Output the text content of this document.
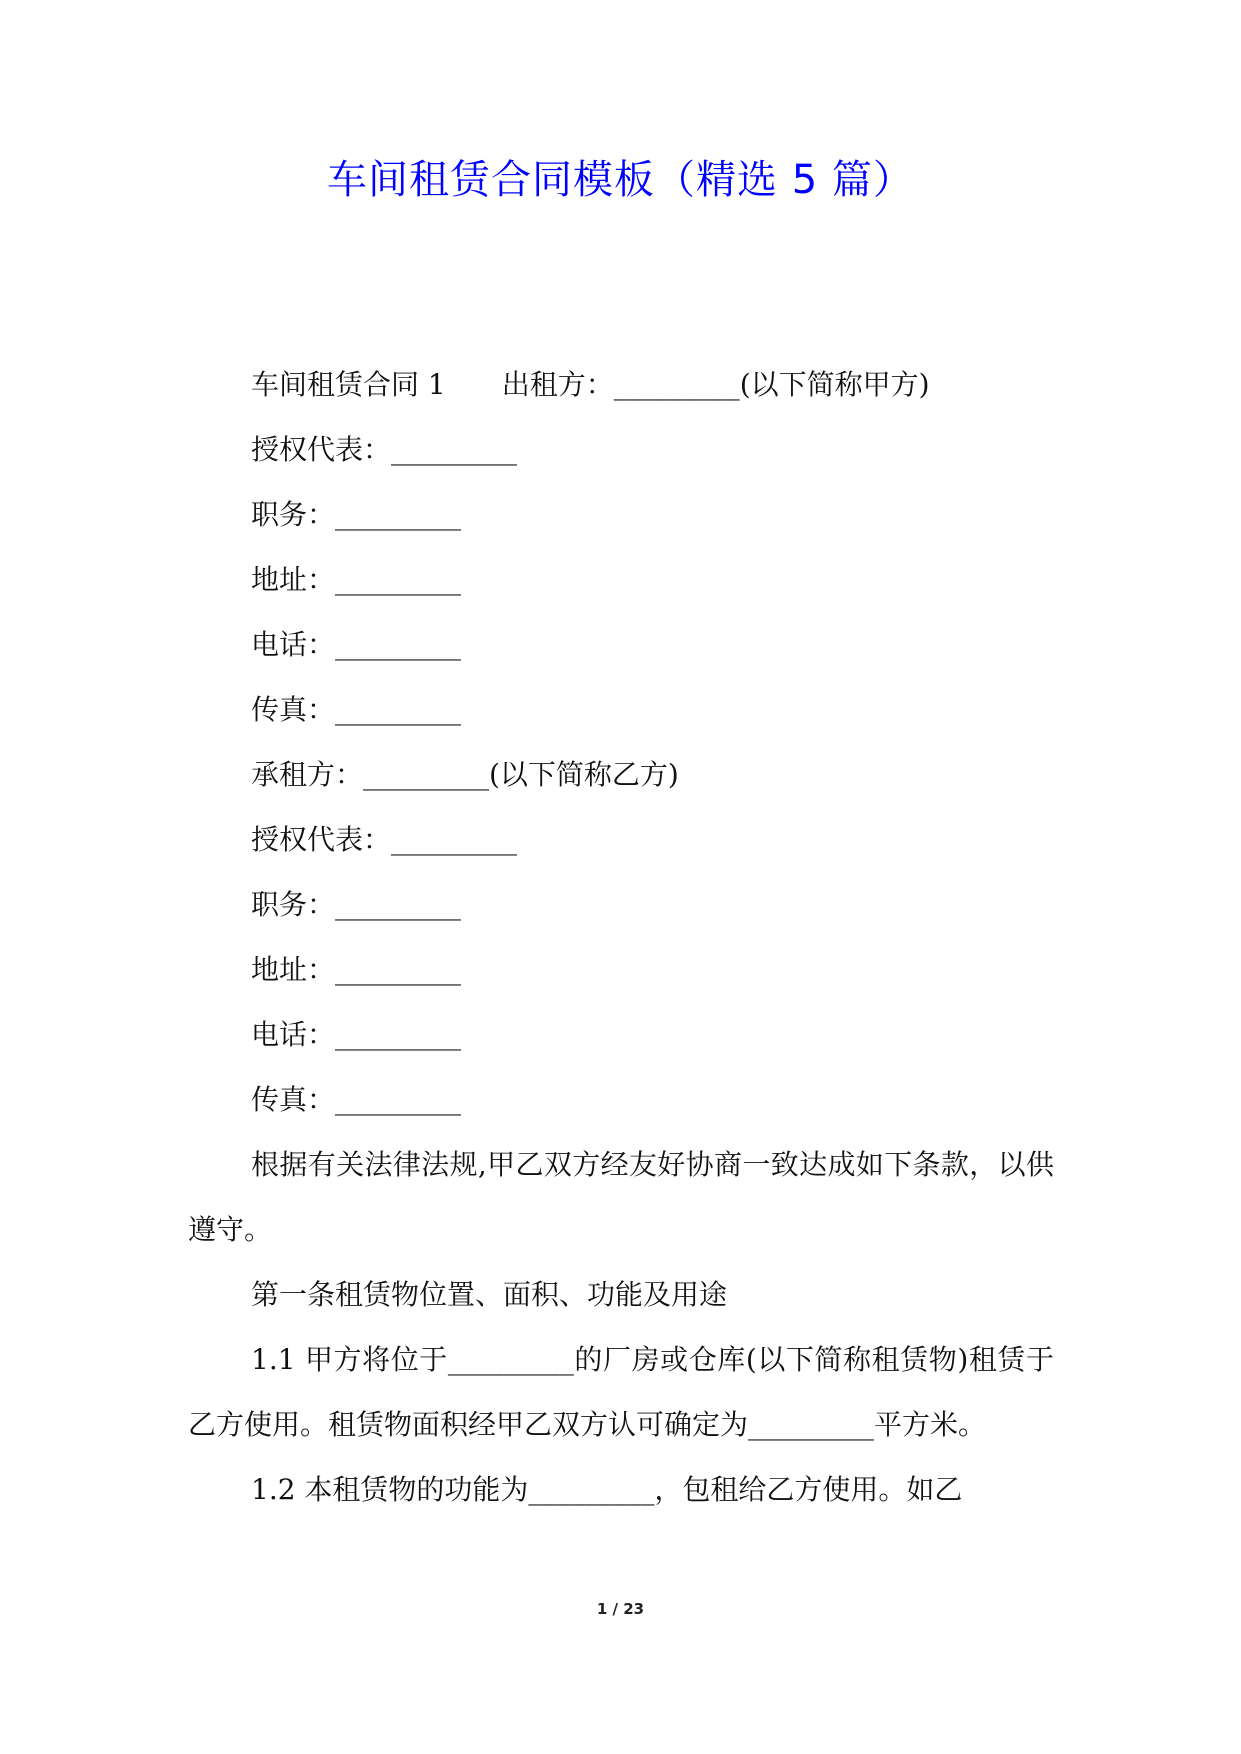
车间租赁合同模板（精选 5 篇）

车间租赁合同 1　　出租方：_________(以下简称甲方)

授权代表：_________

职务：_________

地址：_________

电话：_________

传真：_________

承租方：_________(以下简称乙方)

授权代表：_________

职务：_________

地址：_________

电话：_________

传真：_________

根据有关法律法规,甲乙双方经友好协商一致达成如下条款，以供遵守。

第一条租赁物位置、面积、功能及用途

1.1 甲方将位于_________的厂房或仓库(以下简称租赁物)租赁于乙方使用。租赁物面积经甲乙双方认可确定为_________平方米。

1.2 本租赁物的功能为_________，包租给乙方使用。如乙

1 / 23
